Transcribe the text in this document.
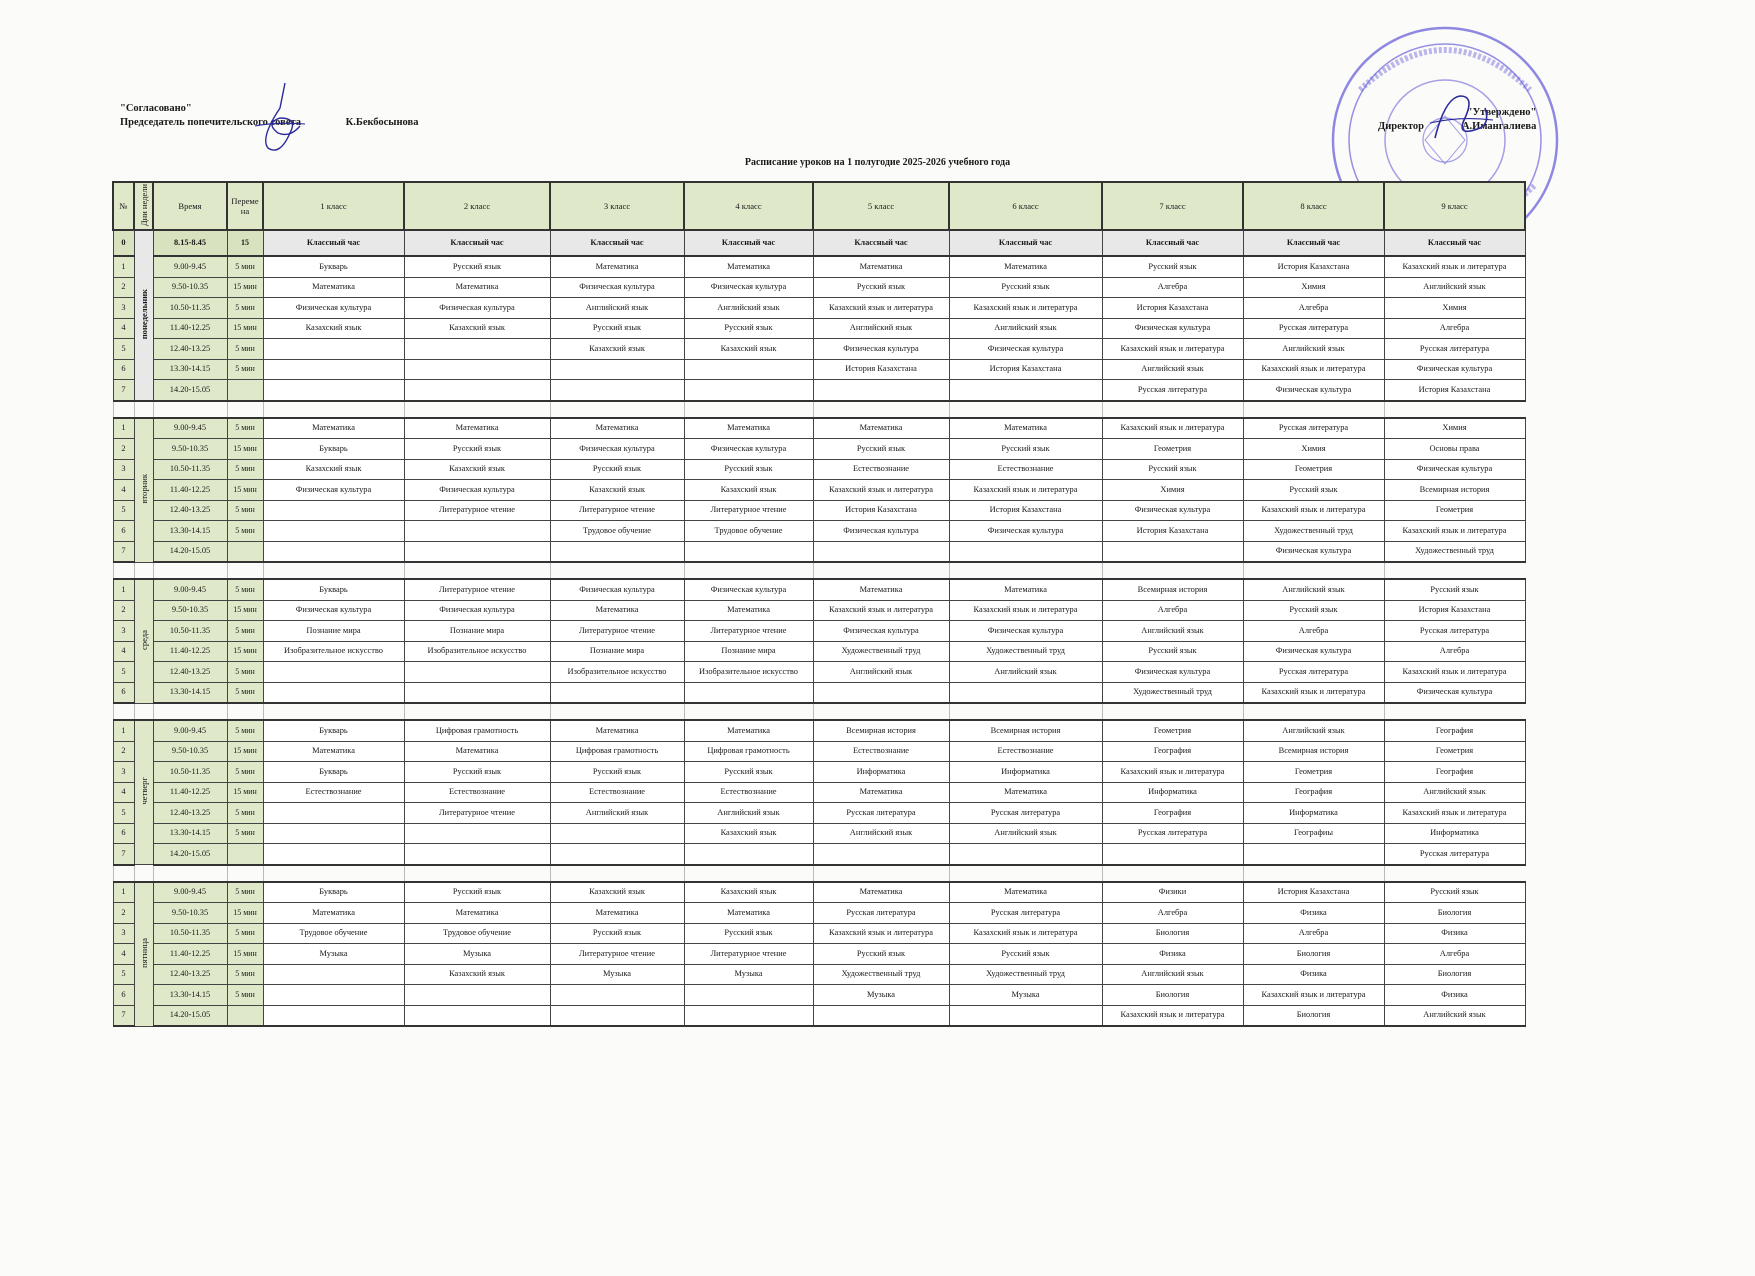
"Согласовано"
Председатель попечительского совета	К.Бекбосынова
Расписание уроков на 1 полугодие 2025-2026 учебного года
"Утверждено"
Директор	А.Имангалиева
№	Дни недели	Время	Переме на	1 класс	2 класс	3 класс	4 класс	5 класс	6 класс	7 класс	8 класс	9 класс
0	понедельник	8.15-8.45	15	Классный час	Классный час	Классный час	Классный час	Классный час	Классный час	Классный час	Классный час	Классный час
1		9.00-9.45	5 мин	Букварь	Русский язык	Математика	Математика	Математика	Математика	Русский язык	История Казахстана	Казахский язык и литература
2		9.50-10.35	15 мин	Математика	Математика	Физическая культура	Физическая культура	Русский язык	Русский язык	Алгебра	Химия	Английский язык
3		10.50-11.35	5 мин	Физическая культура	Физическая культура	Английский язык	Английский язык	Казахский язык и литература	Казахский язык и литература	История Казахстана	Алгебра	Химия
4		11.40-12.25	15 мин	Казахский язык	Казахский язык	Русский язык	Русский язык	Английский язык	Английский язык	Физическая культура	Русская литература	Алгебра
5		12.40-13.25	5 мин			Казахский язык	Казахский язык	Физическая культура	Физическая культура	Казахский язык и литература	Английский язык	Русская литература
6		13.30-14.15	5 мин					История Казахстана	История Казахстана	Английский язык	Казахский язык и литература	Физическая культура
7		14.20-15.05								Русская литература	Физическая культура	История Казахстана

1	вторник	9.00-9.45	5 мин	Математика	Математика	Математика	Математика	Математика	Математика	Казахский язык и литература	Русская литература	Химия
2		9.50-10.35	15 мин	Букварь	Русский язык	Физическая культура	Физическая культура	Русский язык	Русский язык	Геометрия	Химия	Основы права
3		10.50-11.35	5 мин	Казахский язык	Казахский язык	Русский язык	Русский язык	Естествознание	Естествознание	Русский язык	Геометрия	Физическая культура
4		11.40-12.25	15 мин	Физическая культура	Физическая культура	Казахский язык	Казахский язык	Казахский язык и литература	Казахский язык и литература	Химия	Русский язык	Всемирная история
5		12.40-13.25	5 мин		Литературное чтение	Литературное чтение	Литературное чтение	История Казахстана	История Казахстана	Физическая культура	Казахский язык и литература	Геометрия
6		13.30-14.15	5 мин			Трудовое обучение	Трудовое обучение	Физическая культура	Физическая культура	История Казахстана	Художественный труд	Казахский язык и литература
7		14.20-15.05									Физическая культура	Художественный труд

1	среда	9.00-9.45	5 мин	Букварь	Литературное чтение	Физическая культура	Физическая культура	Математика	Математика	Всемирная история	Английский язык	Русский язык
2		9.50-10.35	15 мин	Физическая культура	Физическая культура	Математика	Математика	Казахский язык и литература	Казахский язык и литература	Алгебра	Русский язык	История Казахстана
3		10.50-11.35	5 мин	Познание мира	Познание мира	Литературное чтение	Литературное чтение	Физическая культура	Физическая культура	Английский язык	Алгебра	Русская литература
4		11.40-12.25	15 мин	Изобразительное искусство	Изобразительное искусство	Познание мира	Познание мира	Художественный труд	Художественный труд	Русский язык	Физическая культура	Алгебра
5		12.40-13.25	5 мин			Изобразительное искусство	Изобразительное искусство	Английский язык	Английский язык	Физическая культура	Русская литература	Казахский язык и литература
6		13.30-14.15	5 мин							Художественный труд	Казахский язык и литература	Физическая культура

1	четверг	9.00-9.45	5 мин	Букварь	Цифровая грамотность	Математика	Математика	Всемирная история	Всемирная история	Геометрия	Английский язык	География
2		9.50-10.35	15 мин	Математика	Математика	Цифровая грамотность	Цифровая грамотность	Естествознание	Естествознание	География	Всемирная история	Геометрия
3		10.50-11.35	5 мин	Букварь	Русский язык	Русский язык	Русский язык	Информатика	Информатика	Казахский язык и литература	Геометрия	География
4		11.40-12.25	15 мин	Естествознание	Естествознание	Естествознание	Естествознание	Математика	Математика	Информатика	География	Английский язык
5		12.40-13.25	5 мин		Литературное чтение	Английский язык	Английский язык	Русская литература	Русская литература	География	Информатика	Казахский язык и литература
6		13.30-14.15	5 мин				Казахский язык	Английский язык	Английский язык	Русская литература	Географиы	Информатика
7		14.20-15.05										Русская литература

1	пятница	9.00-9.45	5 мин	Букварь	Русский язык	Казахский язык	Казахский язык	Математика	Математика	Физики	История Казахстана	Русский язык
2		9.50-10.35	15 мин	Математика	Математика	Математика	Математика	Русская литература	Русская литература	Алгебра	Физика	Биология
3		10.50-11.35	5 мин	Трудовое обучение	Трудовое обучение	Русский язык	Русский язык	Казахский язык и литература	Казахский язык и литература	Биология	Алгебра	Физика
4		11.40-12.25	15 мин	Музыка	Музыка	Литературное чтение	Литературное чтение	Русский язык	Русский язык	Физика	Биология	Алгебра
5		12.40-13.25	5 мин		Казахский язык	Музыка	Музыка	Художественный труд	Художественный труд	Английский язык	Физика	Биология
6		13.30-14.15	5 мин					Музыка	Музыка	Биология	Казахский язык и литература	Физика
7		14.20-15.05								Казахский язык и литература	Биология	Английский язык
